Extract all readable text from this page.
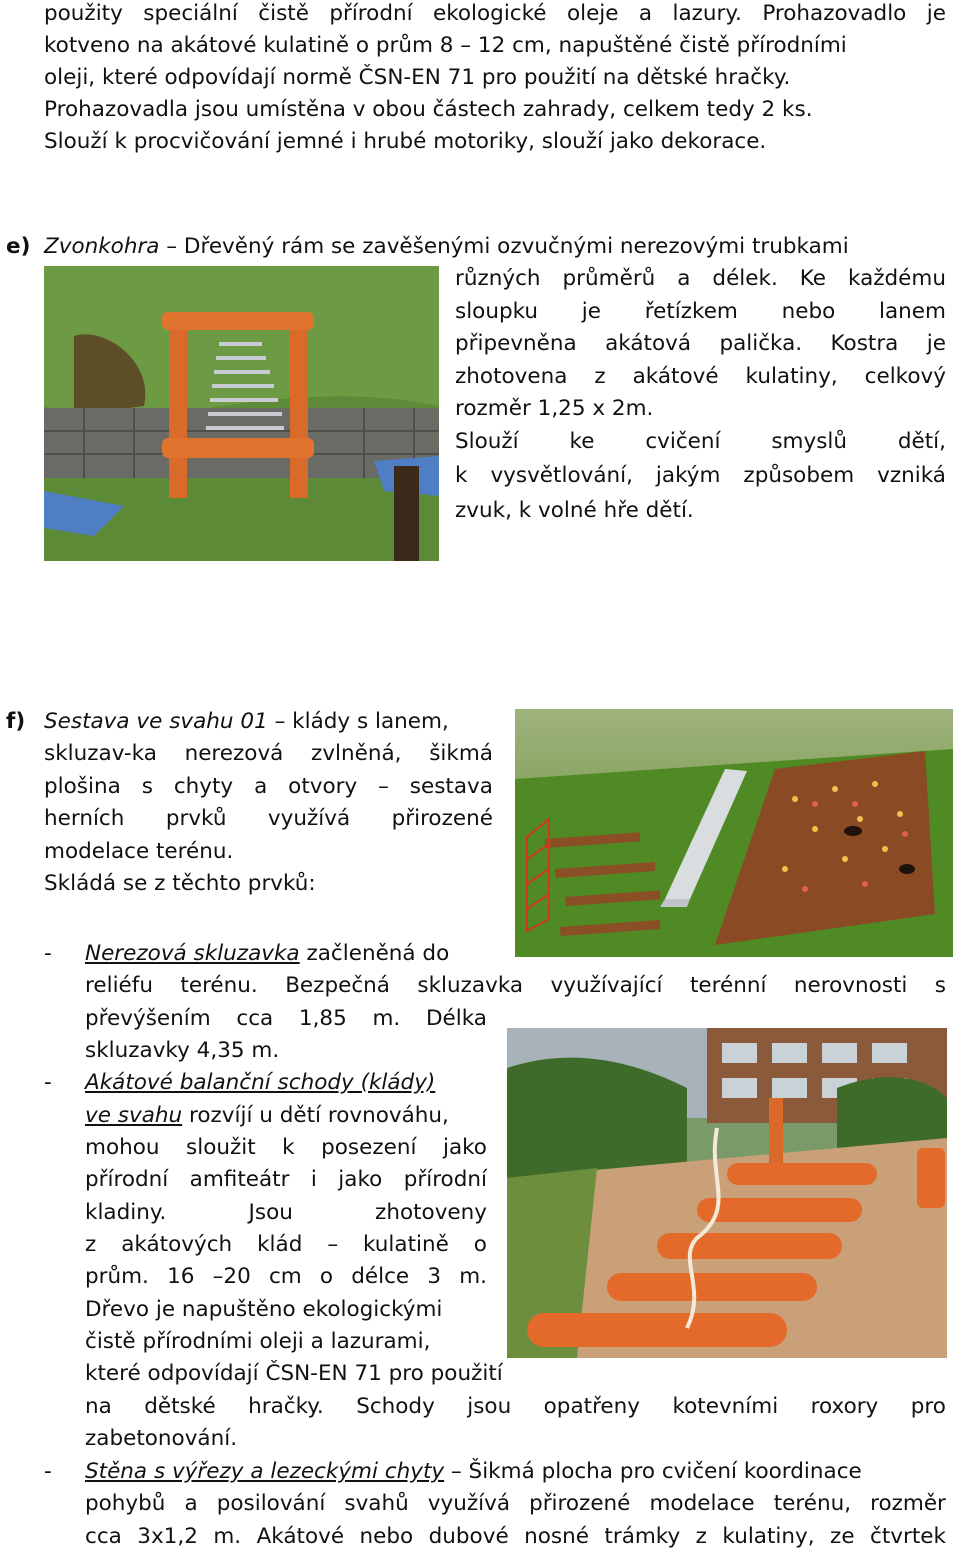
použity speciální čistě přírodní ekologické oleje a lazury. Prohazovadlo je
kotveno na akátové kulatině o prům 8 – 12 cm, napuštěné čistě přírodními
oleji, které odpovídají normě ČSN-EN 71 pro použití na dětské hračky.
Prohazovadla jsou umístěna v obou částech zahrady, celkem tedy 2 ks.
Slouží k procvičování jemné i hrubé motoriky, slouží jako dekorace.
e) Zvonkohra – Dřevěný rám se zavěšenými ozvučnými nerezovými trubkami
různých průměrů a délek. Ke každému
sloupku je řetízkem nebo lanem
připevněna akátová palička. Kostra je
zhotovena z akátové kulatiny, celkový
rozměr 1,25 x 2m.
Slouží ke cvičení smyslů dětí,
k vysvětlování, jakým způsobem vzniká
zvuk, k volné hře dětí.
f) Sestava ve svahu 01 – klády s lanem,
skluzav-ka nerezová zvlněná, šikmá
plošina s chyty a otvory – sestava
herních prvků využívá přirozené
modelace terénu.
Skládá se z těchto prvků:
- Nerezová skluzavka začleněná do
reliéfu terénu. Bezpečná skluzavka využívající terénní nerovnosti s
převýšením cca 1,85 m. Délka
skluzavky 4,35 m.
- Akátové balanční schody (klády)
ve svahu rozvíjí u dětí rovnováhu,
mohou sloužit k posezení jako
přírodní amfiteátr i jako přírodní
kladiny.	Jsou	zhotoveny
z akátových klád – kulatině o
prům. 16 –20 cm o délce 3 m.
Dřevo je napuštěno ekologickými
čistě přírodními oleji a lazurami,
které odpovídají ČSN-EN 71 pro použití
na dětské hračky. Schody jsou opatřeny kotevními roxory pro
zabetonování.
- Stěna s výřezy a lezeckými chyty – Šikmá plocha pro cvičení koordinace
pohybů a posilování svahů využívá přirozené modelace terénu, rozměr
cca 3x1,2 m. Akátové nebo dubové nosné trámky z kulatiny, ze čtvrtek
